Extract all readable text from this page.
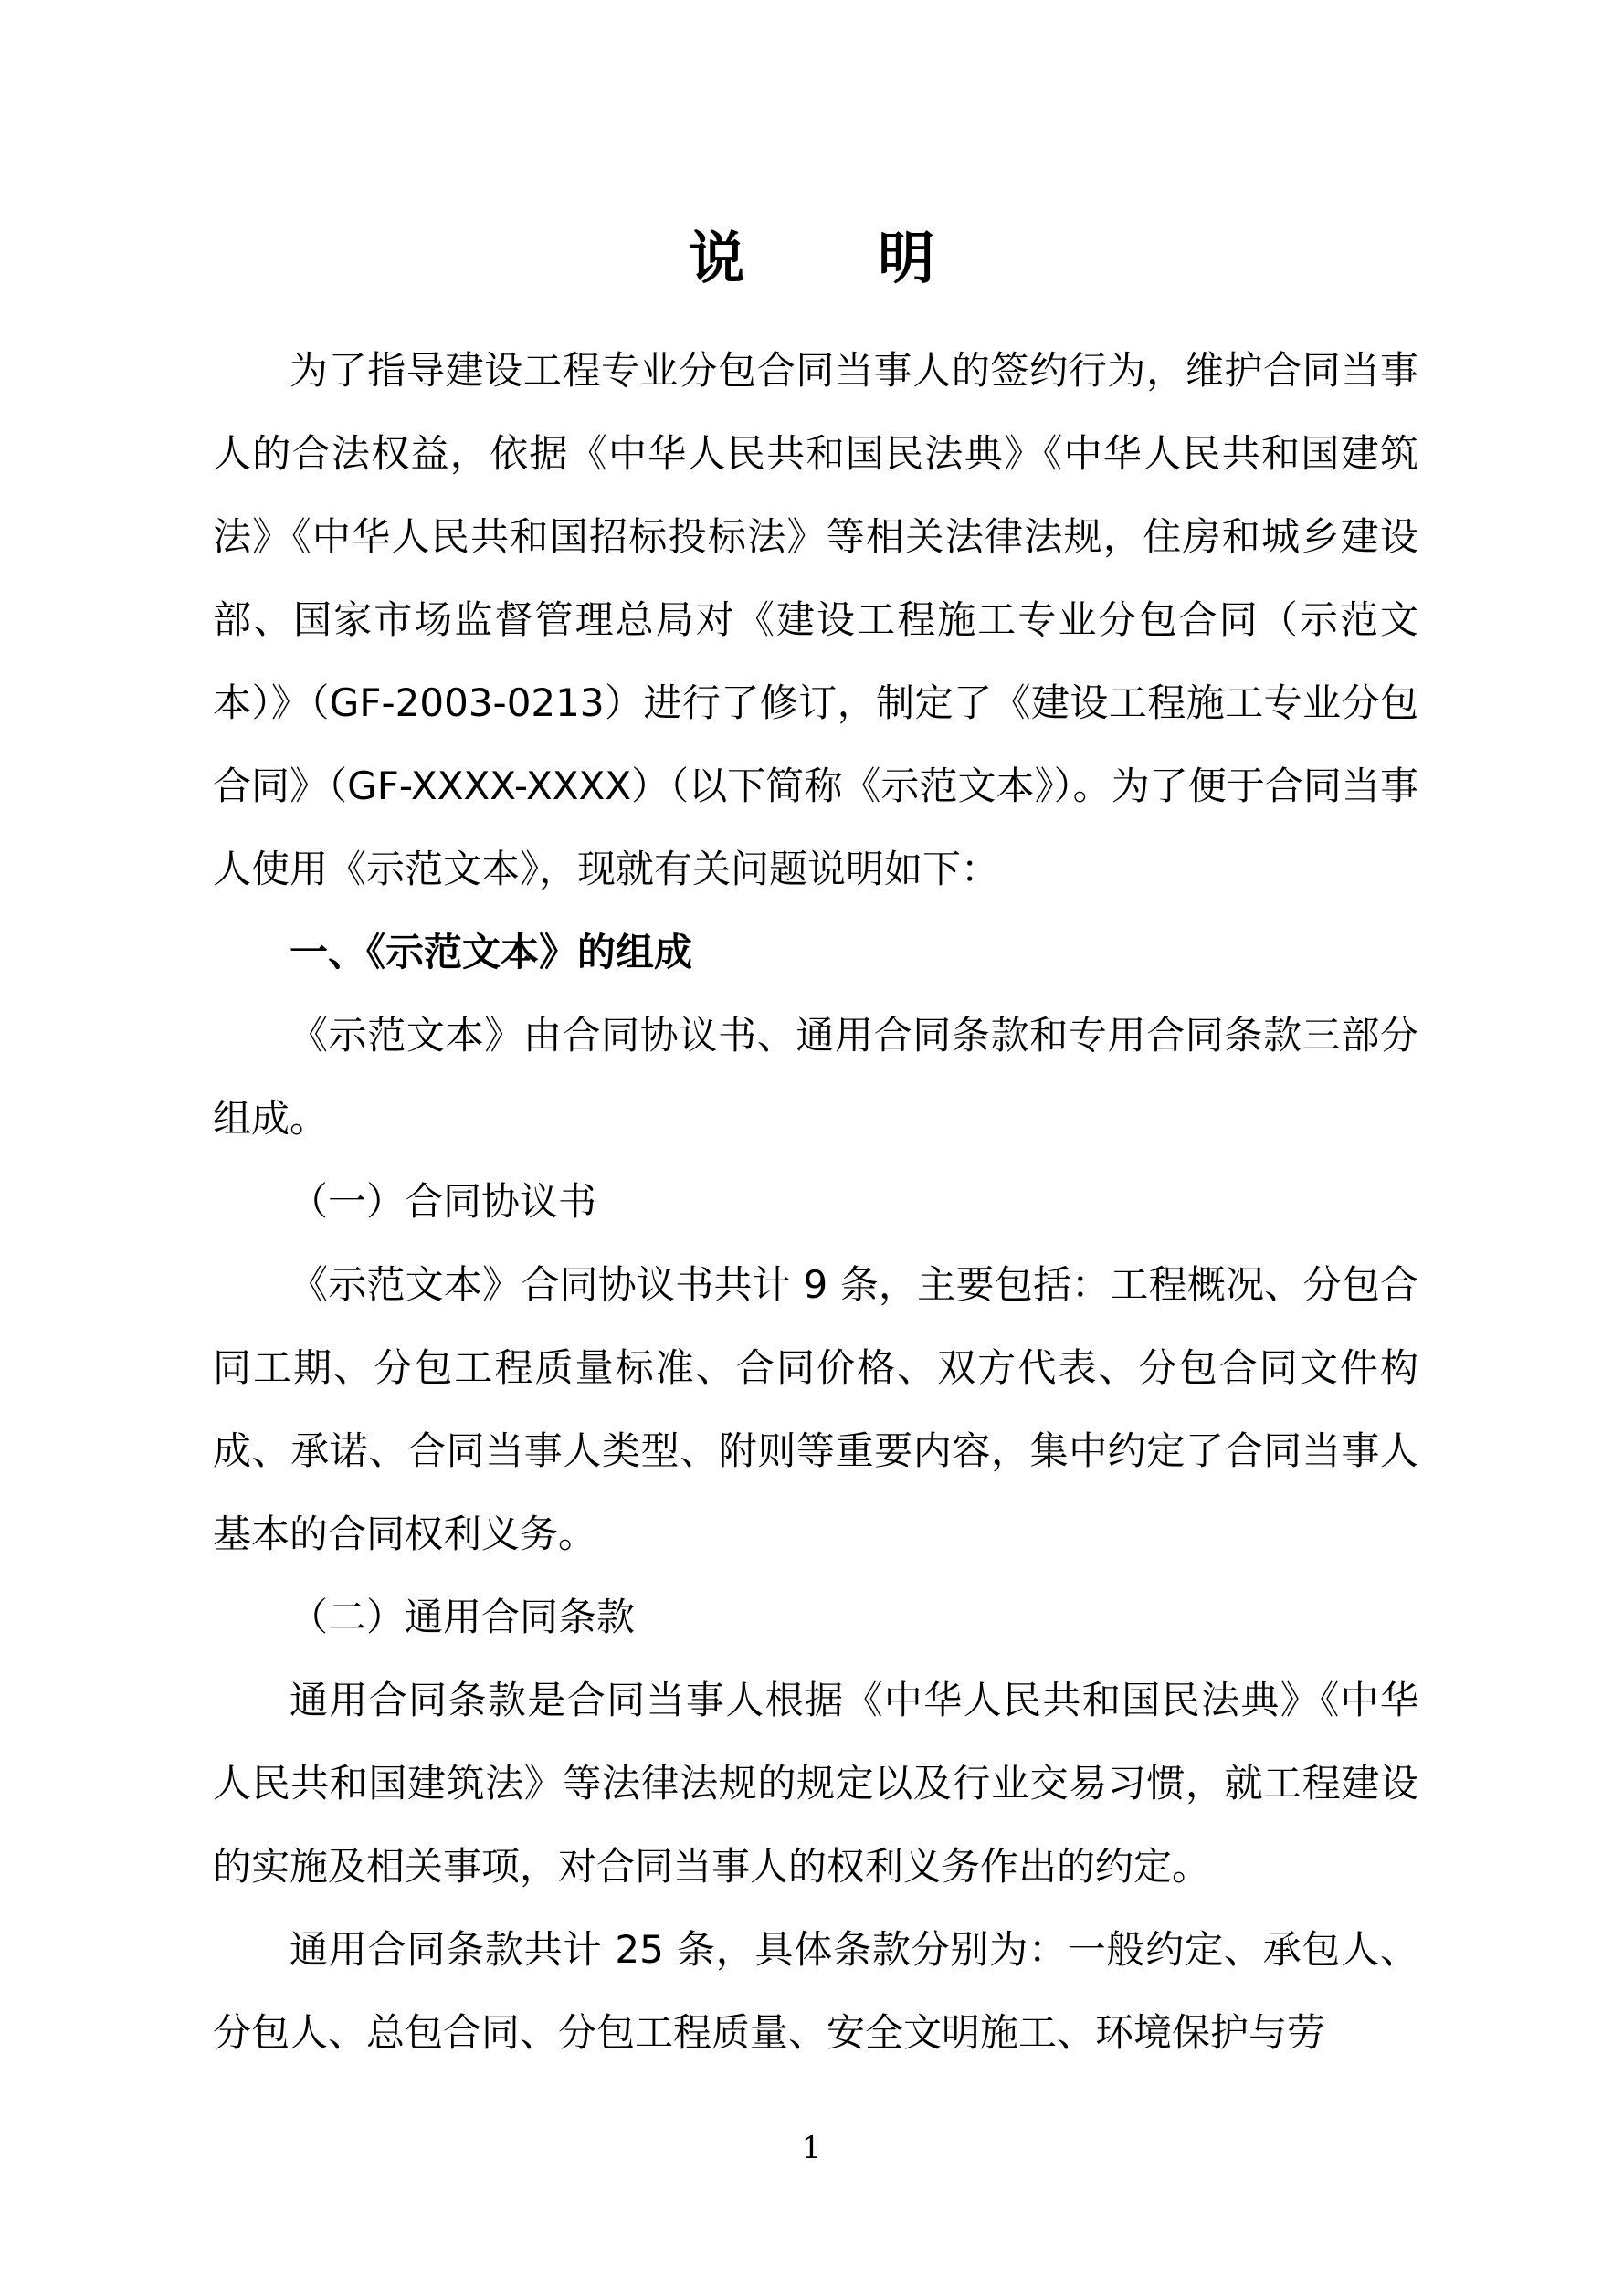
说 明

为了指导建设工程专业分包合同当事人的签约行为，维护合同当事人的合法权益，依据《中华人民共和国民法典》《中华人民共和国建筑法》《中华人民共和国招标投标法》等相关法律法规，住房和城乡建设部、国家市场监督管理总局对《建设工程施工专业分包合同（示范文本）》（GF-2003-0213）进行了修订，制定了《建设工程施工专业分包合同》（GF-XXXX-XXXX）（以下简称《示范文本》）。为了便于合同当事人使用《示范文本》，现就有关问题说明如下：

一、《示范文本》的组成

《示范文本》由合同协议书、通用合同条款和专用合同条款三部分组成。

（一）合同协议书

《示范文本》合同协议书共计 9 条，主要包括：工程概况、分包合同工期、分包工程质量标准、合同价格、双方代表、分包合同文件构成、承诺、合同当事人类型、附则等重要内容，集中约定了合同当事人基本的合同权利义务。

（二）通用合同条款

通用合同条款是合同当事人根据《中华人民共和国民法典》《中华人民共和国建筑法》等法律法规的规定以及行业交易习惯，就工程建设的实施及相关事项，对合同当事人的权利义务作出的约定。

通用合同条款共计 25 条，具体条款分别为：一般约定、承包人、分包人、总包合同、分包工程质量、安全文明施工、环境保护与劳

1
